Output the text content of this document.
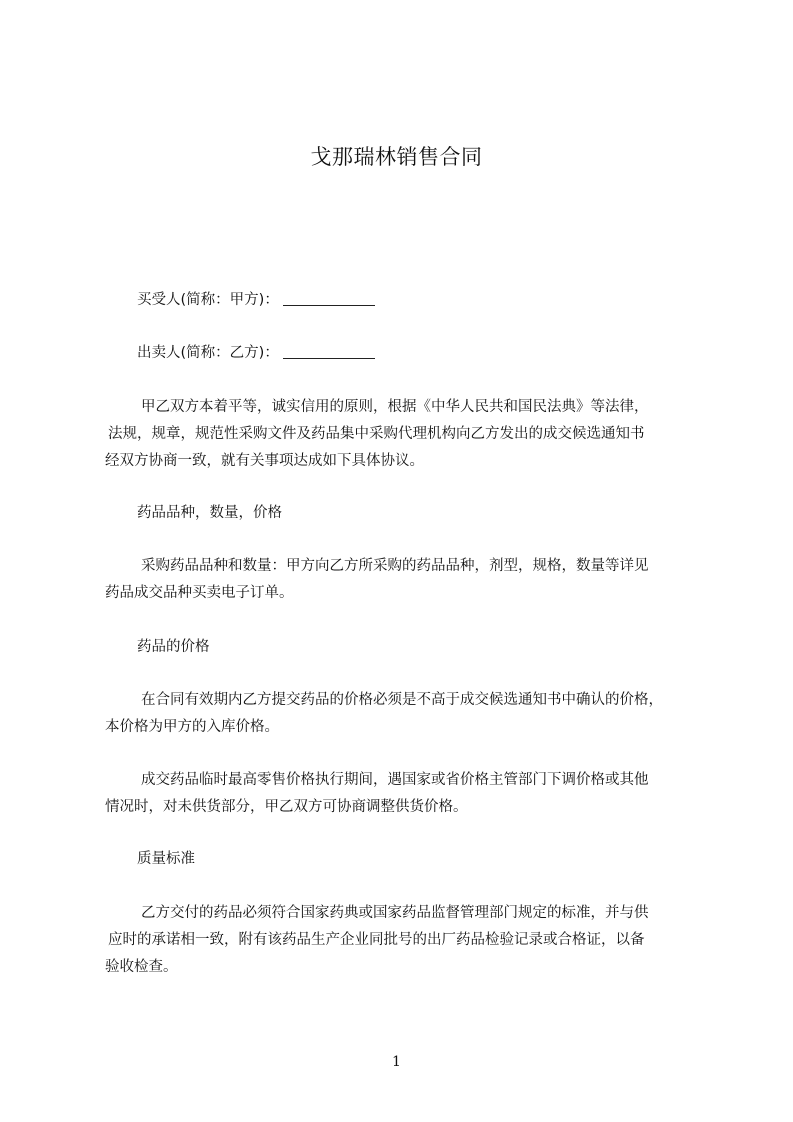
戈那瑞林销售合同
买受人(简称：甲方)：
出卖人(简称：乙方)：
甲乙双方本着平等，诚实信用的原则，根据《中华人民共和国民法典》等法律，
法规，规章，规范性采购文件及药品集中采购代理机构向乙方发出的成交候选通知书
经双方协商一致，就有关事项达成如下具体协议。
药品品种，数量，价格
采购药品品种和数量：甲方向乙方所采购的药品品种，剂型，规格，数量等详见
药品成交品种买卖电子订单。
药品的价格
在合同有效期内乙方提交药品的价格必须是不高于成交候选通知书中确认的价格，
本价格为甲方的入库价格。
成交药品临时最高零售价格执行期间，遇国家或省价格主管部门下调价格或其他
情况时，对未供货部分，甲乙双方可协商调整供货价格。
质量标准
乙方交付的药品必须符合国家药典或国家药品监督管理部门规定的标准，并与供
应时的承诺相一致，附有该药品生产企业同批号的出厂药品检验记录或合格证，以备
验收检查。
1
